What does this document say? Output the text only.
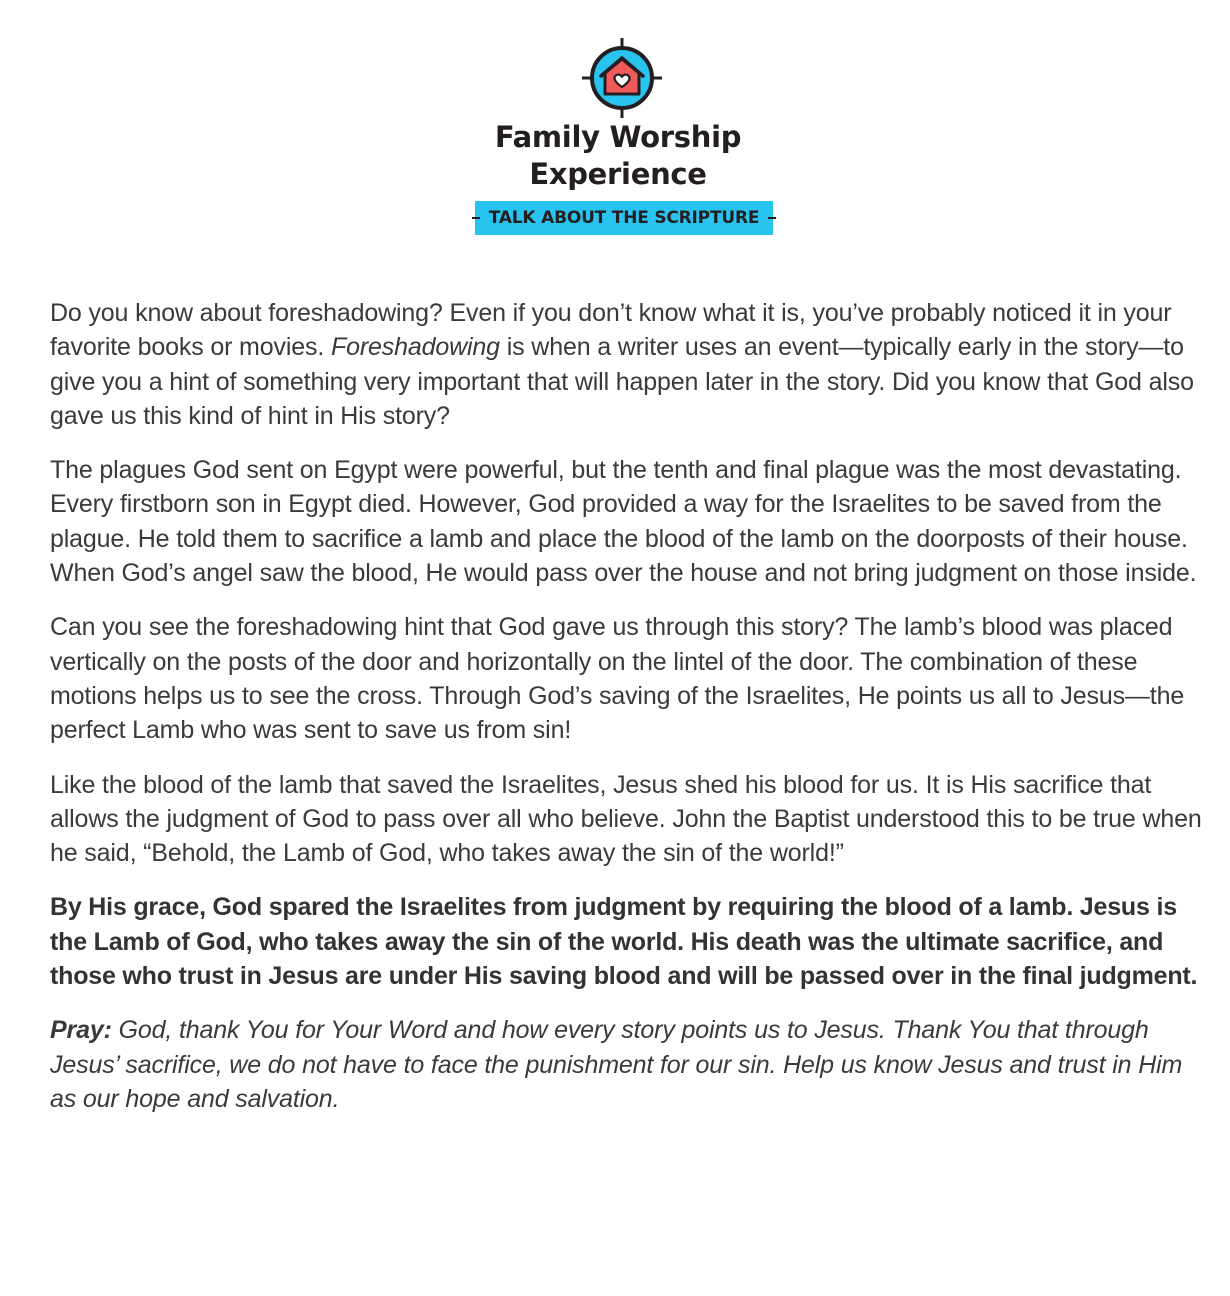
Family Worship
Experience
TALK ABOUT THE SCRIPTURE

Do you know about foreshadowing? Even if you don’t know what it is, you’ve probably noticed it in your favorite books or movies. Foreshadowing is when a writer uses an event—typically early in the story—to give you a hint of something very important that will happen later in the story. Did you know that God also gave us this kind of hint in His story?

The plagues God sent on Egypt were powerful, but the tenth and final plague was the most devastating. Every firstborn son in Egypt died. However, God provided a way for the Israelites to be saved from the plague. He told them to sacrifice a lamb and place the blood of the lamb on the doorposts of their house. When God’s angel saw the blood, He would pass over the house and not bring judgment on those inside.

Can you see the foreshadowing hint that God gave us through this story? The lamb’s blood was placed vertically on the posts of the door and horizontally on the lintel of the door. The combination of these motions helps us to see the cross. Through God’s saving of the Israelites, He points us all to Jesus—the perfect Lamb who was sent to save us from sin!

Like the blood of the lamb that saved the Israelites, Jesus shed his blood for us. It is His sacrifice that allows the judgment of God to pass over all who believe. John the Baptist understood this to be true when he said, “Behold, the Lamb of God, who takes away the sin of the world!”

By His grace, God spared the Israelites from judgment by requiring the blood of a lamb. Jesus is the Lamb of God, who takes away the sin of the world. His death was the ultimate sacrifice, and those who trust in Jesus are under His saving blood and will be passed over in the final judgment.

Pray: God, thank You for Your Word and how every story points us to Jesus. Thank You that through Jesus’ sacrifice, we do not have to face the punishment for our sin. Help us know Jesus and trust in Him as our hope and salvation.
